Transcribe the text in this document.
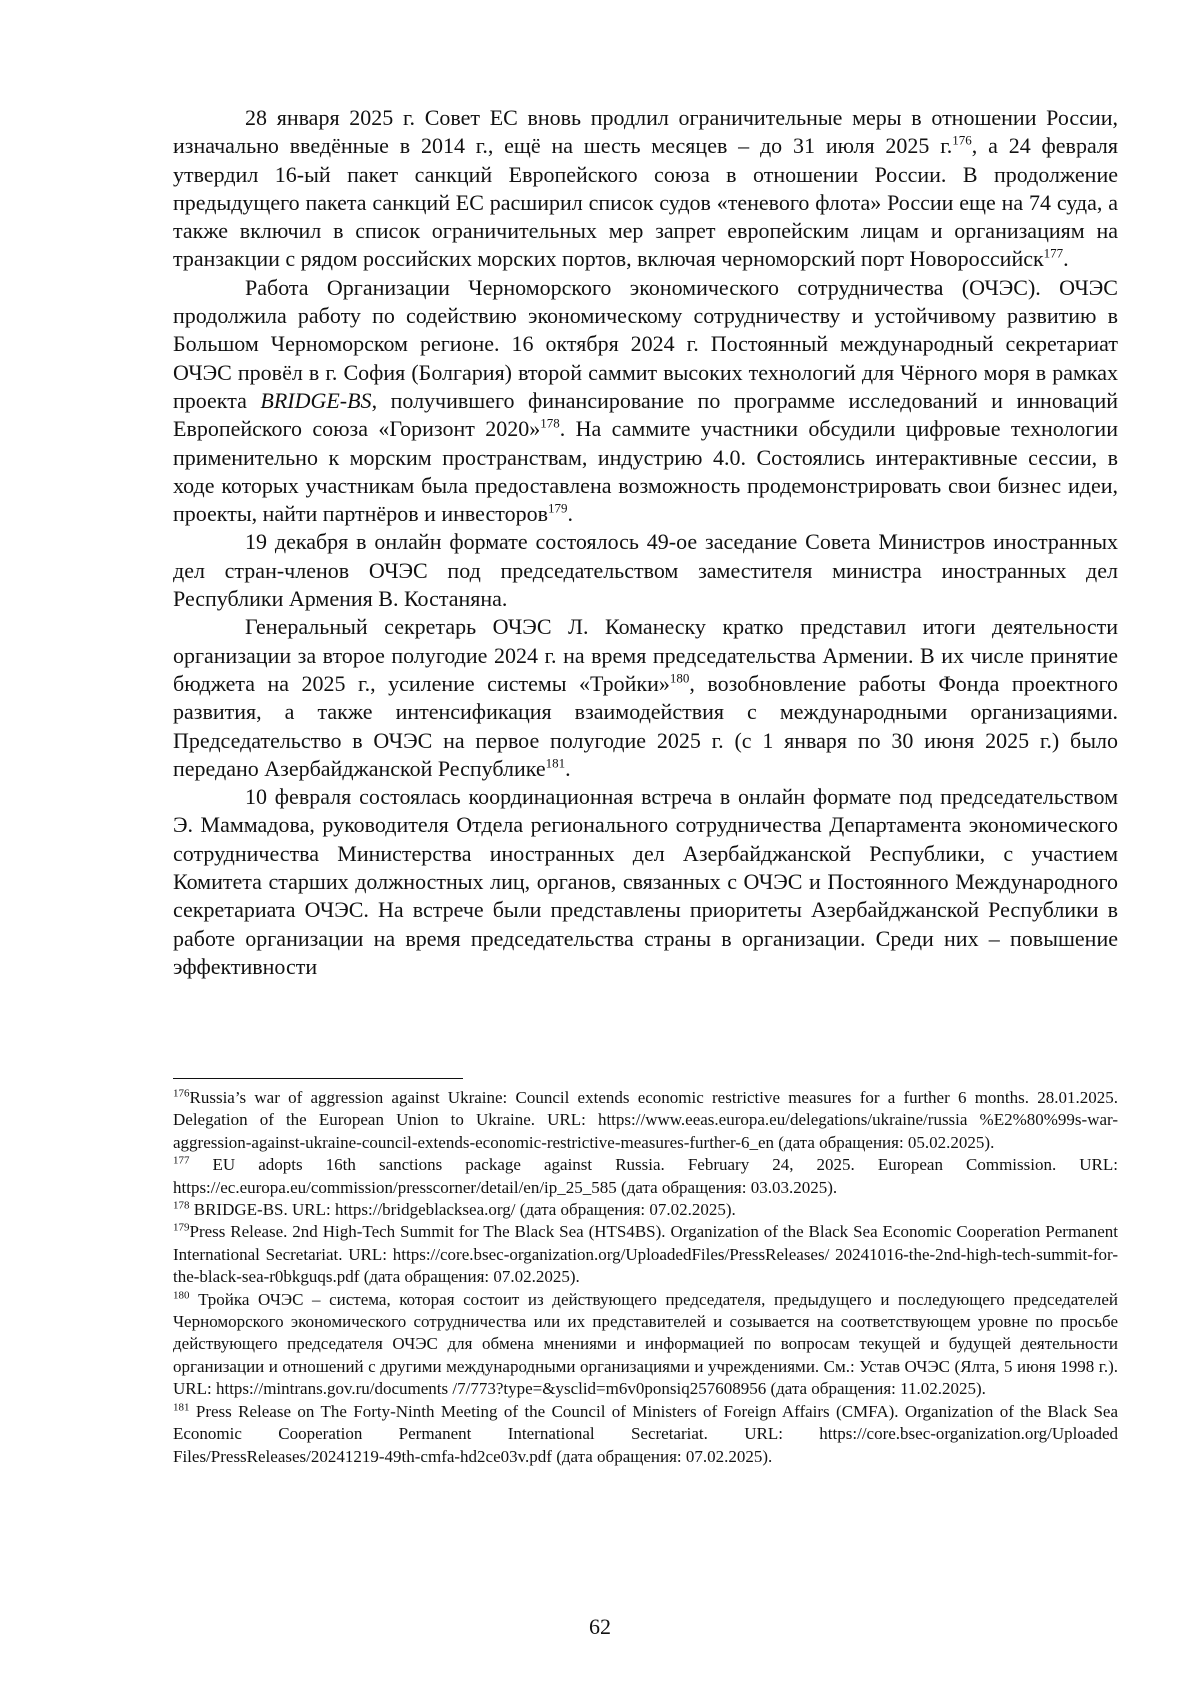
28 января 2025 г. Совет ЕС вновь продлил ограничительные меры в отношении России, изначально введённые в 2014 г., ещё на шесть месяцев – до 31 июля 2025 г.$^{176}$, а 24 февраля утвердил 16-ый пакет санкций Европейского союза в отношении России. В продолжение предыдущего пакета санкций ЕС расширил список судов «теневого флота» России еще на 74 суда, а также включил в список ограничительных мер запрет европейским лицам и организациям на транзакции с рядом российских морских портов, включая черноморский порт Новороссийск$^{177}$.

Работа Организации Черноморского экономического сотрудничества (ОЧЭС). ОЧЭС продолжила работу по содействию экономическому сотрудничеству и устойчивому развитию в Большом Черноморском регионе. 16 октября 2024 г. Постоянный международный секретариат ОЧЭС провёл в г. София (Болгария) второй саммит высоких технологий для Чёрного моря в рамках проекта BRIDGE-BS, получившего финансирование по программе исследований и инноваций Европейского союза «Горизонт 2020»$^{178}$. На саммите участники обсудили цифровые технологии применительно к морским пространствам, индустрию 4.0. Состоялись интерактивные сессии, в ходе которых участникам была предоставлена возможность продемонстрировать свои бизнес идеи, проекты, найти партнёров и инвесторов$^{179}$.

19 декабря в онлайн формате состоялось 49-ое заседание Совета Министров иностранных дел стран-членов ОЧЭС под председательством заместителя министра иностранных дел Республики Армения В. Костаняна.

Генеральный секретарь ОЧЭС Л. Команеску кратко представил итоги деятельности организации за второе полугодие 2024 г. на время председательства Армении. В их числе принятие бюджета на 2025 г., усиление системы «Тройки»$^{180}$, возобновление работы Фонда проектного развития, а также интенсификация взаимодействия с международными организациями. Председательство в ОЧЭС на первое полугодие 2025 г. (с 1 января по 30 июня 2025 г.) было передано Азербайджанской Республике$^{181}$.

10 февраля состоялась координационная встреча в онлайн формате под председательством Э. Маммадова, руководителя Отдела регионального сотрудничества Департамента экономического сотрудничества Министерства иностранных дел Азербайджанской Республики, с участием Комитета старших должностных лиц, органов, связанных с ОЧЭС и Постоянного Международного секретариата ОЧЭС. На встрече были представлены приоритеты Азербайджанской Республики в работе организации на время председательства страны в организации. Среди них – повышение эффективности

$^{176}$Russia’s war of aggression against Ukraine: Council extends economic restrictive measures for a further 6 months. 28.01.2025. Delegation of the European Union to Ukraine. URL: https://www.eeas.europa.eu/delegations/ukraine/russia %E2%80%99s-war-aggression-against-ukraine-council-extends-economic-restrictive-measures-further-6_en (дата обращения: 05.02.2025).

$^{177}$ EU adopts 16th sanctions package against Russia. February 24, 2025. European Commission. URL: https://ec.europa.eu/commission/presscorner/detail/en/ip_25_585 (дата обращения: 03.03.2025).

$^{178}$ BRIDGE-BS. URL: https://bridgeblacksea.org/ (дата обращения: 07.02.2025).

$^{179}$Press Release. 2nd High-Tech Summit for The Black Sea (HTS4BS). Organization of the Black Sea Economic Cooperation Permanent International Secretariat. URL: https://core.bsec-organization.org/UploadedFiles/PressReleases/ 20241016-the-2nd-high-tech-summit-for-the-black-sea-r0bkguqs.pdf (дата обращения: 07.02.2025).

$^{180}$ Тройка ОЧЭС – система, которая состоит из действующего председателя, предыдущего и последующего председателей Черноморского экономического сотрудничества или их представителей и созывается на соответствующем уровне по просьбе действующего председателя ОЧЭС для обмена мнениями и информацией по вопросам текущей и будущей деятельности организации и отношений с другими международными организациями и учреждениями. См.: Устав ОЧЭС (Ялта, 5 июня 1998 г.). URL: https://mintrans.gov.ru/documents /7/773?type=&ysclid=m6v0ponsiq257608956 (дата обращения: 11.02.2025).

$^{181}$ Press Release on The Forty-Ninth Meeting of the Council of Ministers of Foreign Affairs (CMFA). Organization of the Black Sea Economic Cooperation Permanent International Secretariat. URL: https://core.bsec-organization.org/Uploaded Files/PressReleases/20241219-49th-cmfa-hd2ce03v.pdf (дата обращения: 07.02.2025).

62
